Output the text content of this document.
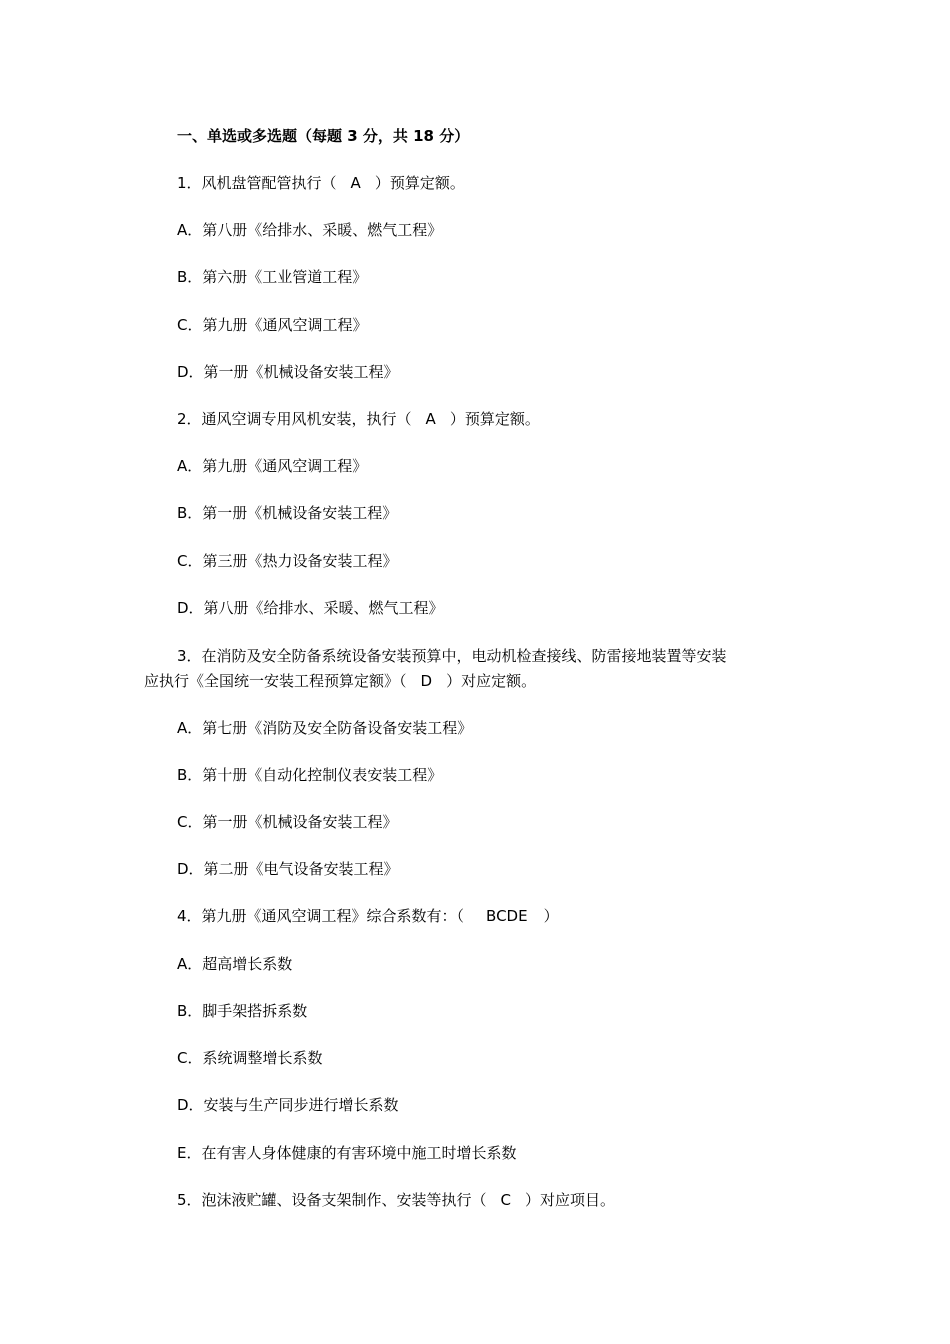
一、单选或多选题（每题 3 分，共 18 分）
1．风机盘管配管执行（ A ）预算定额。
A．第八册《给排水、采暖、燃气工程》
B．第六册《工业管道工程》
C．第九册《通风空调工程》
D．第一册《机械设备安装工程》
2．通风空调专用风机安装，执行（ A ）预算定额。
A．第九册《通风空调工程》
B．第一册《机械设备安装工程》
C．第三册《热力设备安装工程》
D．第八册《给排水、采暖、燃气工程》
3．在消防及安全防备系统设备安装预算中，电动机检查接线、防雷接地装置等安装
应执行《全国统一安装工程预算定额》（ D ）对应定额。
A．第七册《消防及安全防备设备安装工程》
B．第十册《自动化控制仪表安装工程》
C．第一册《机械设备安装工程》
D．第二册《电气设备安装工程》
4．第九册《通风空调工程》综合系数有：（ BCDE ）
A．超高增长系数
B．脚手架搭拆系数
C．系统调整增长系数
D．安装与生产同步进行增长系数
E．在有害人身体健康的有害环境中施工时增长系数
5．泡沫液贮罐、设备支架制作、安装等执行（ C ）对应项目。
